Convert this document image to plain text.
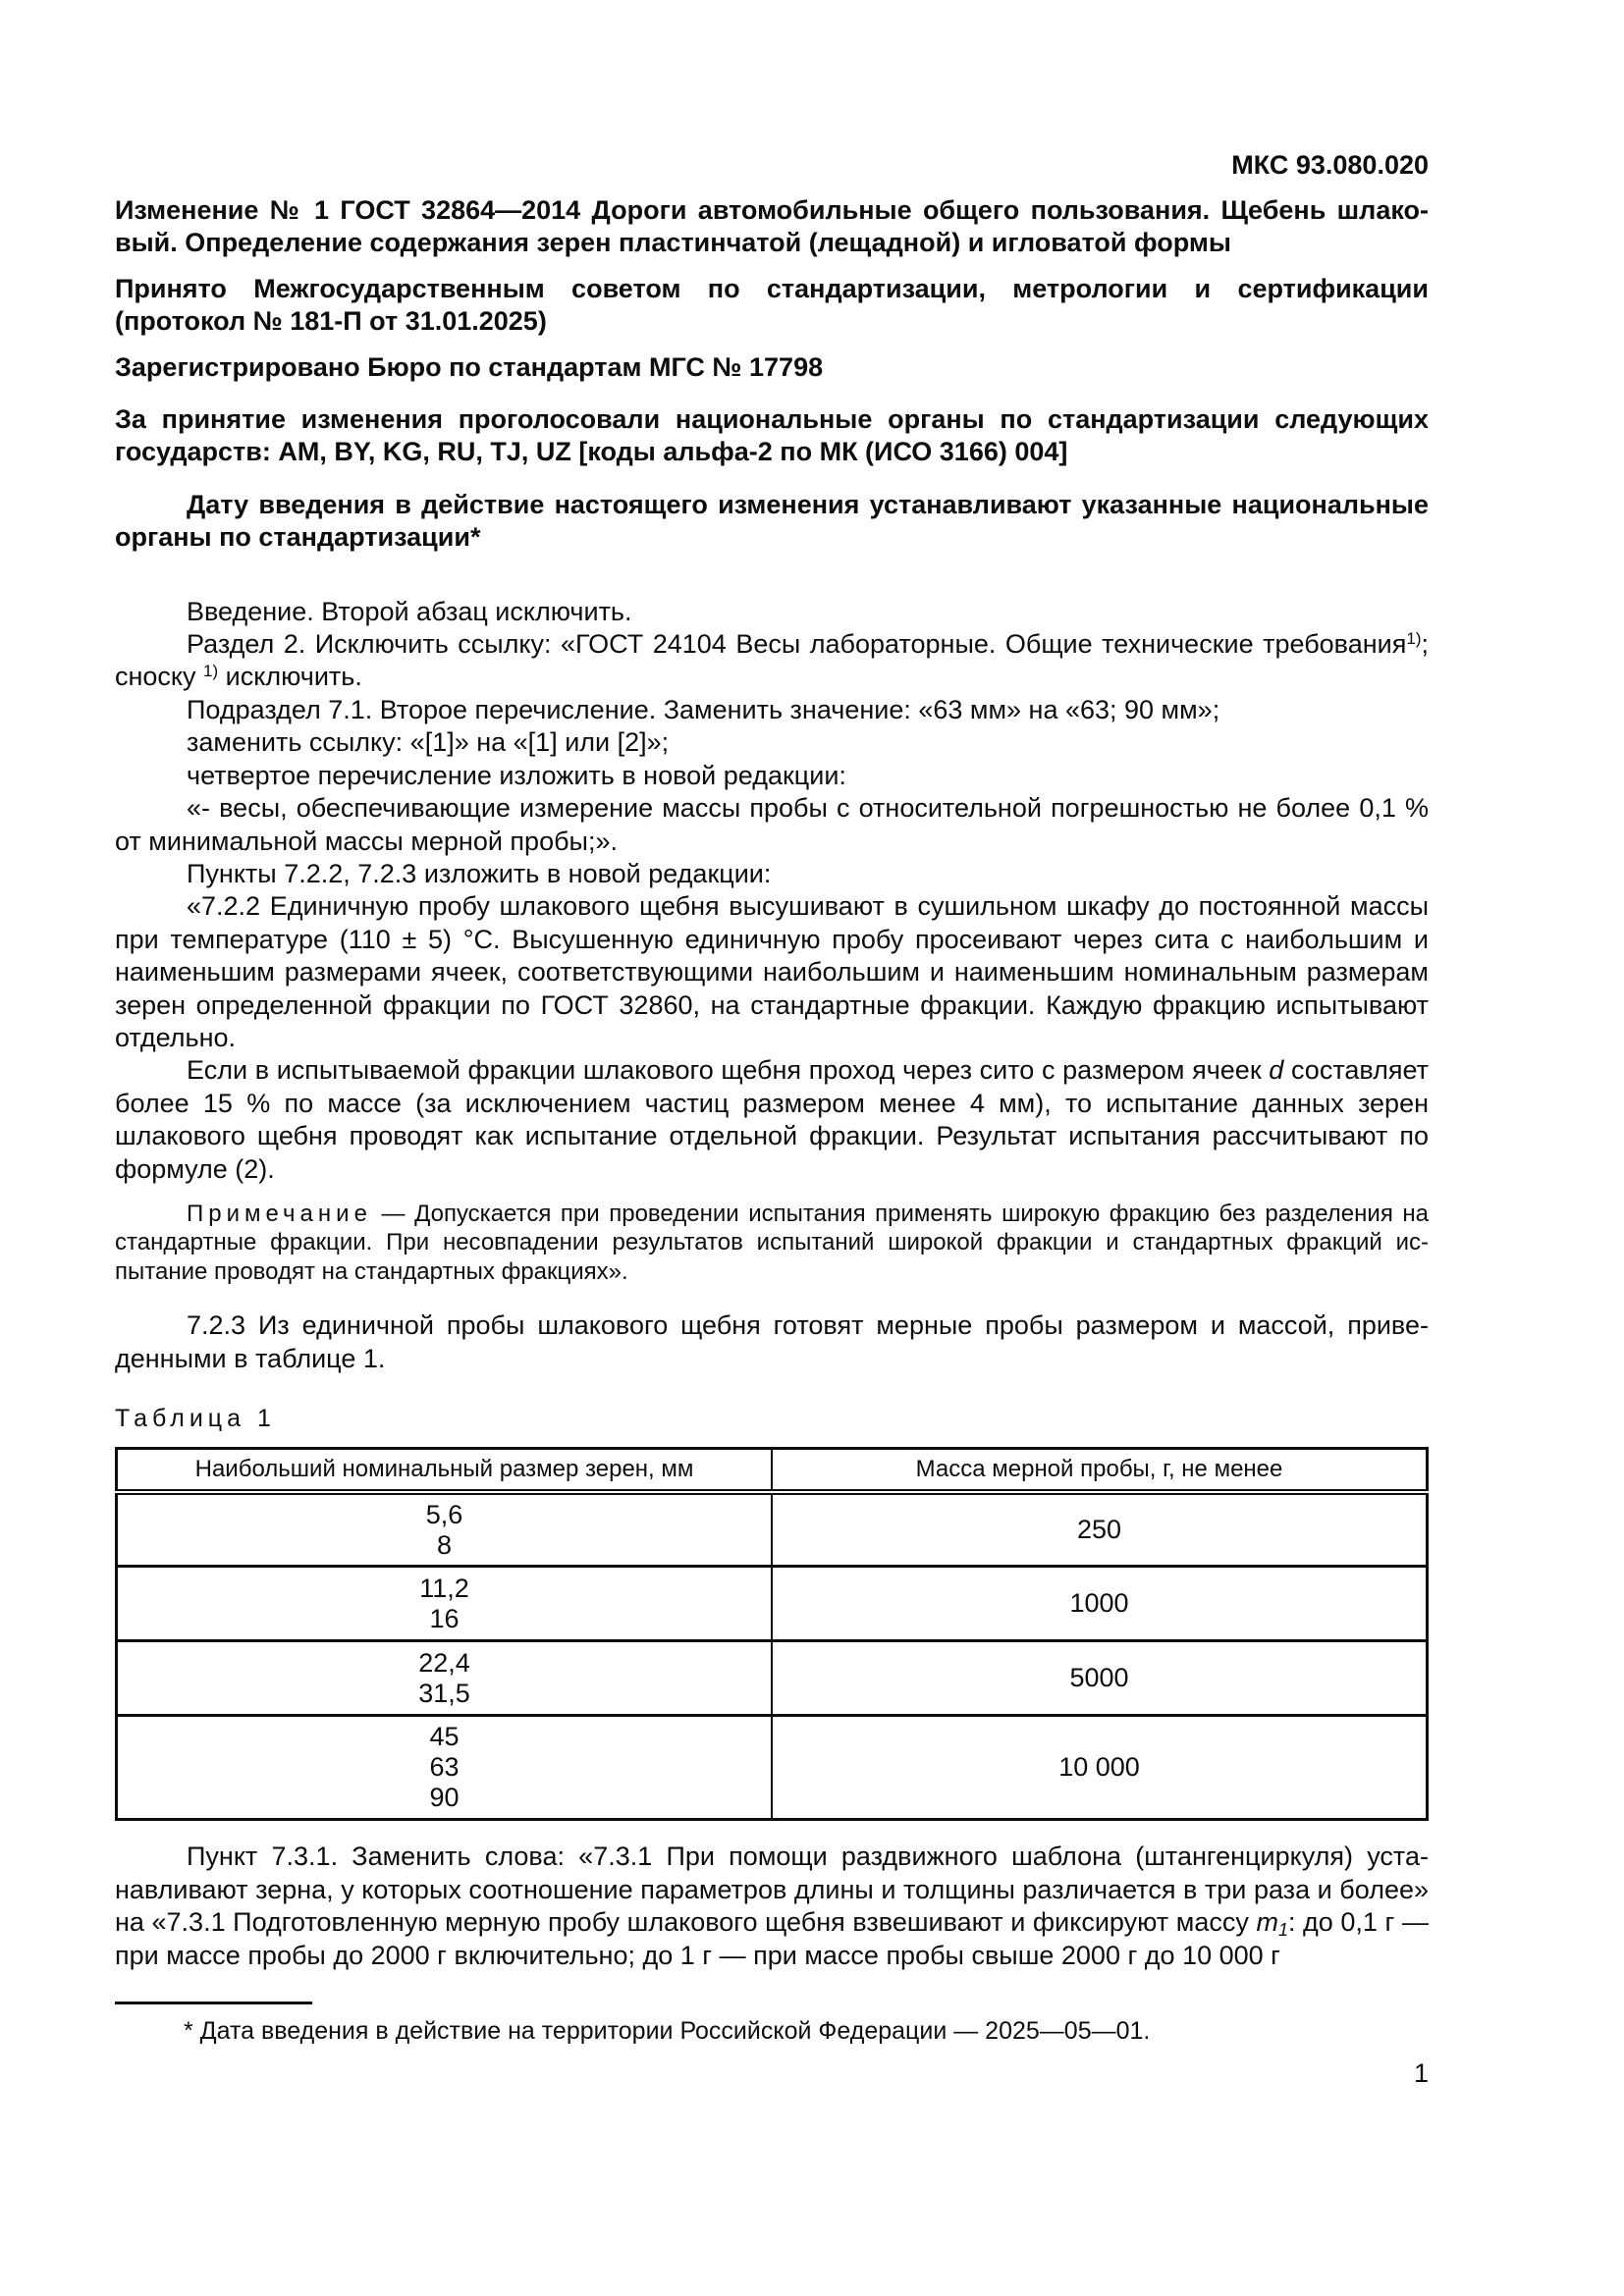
МКС 93.080.020

Изменение № 1 ГОСТ 32864—2014 Дороги автомобильные общего пользования. Щебень шлаковый. Определение содержания зерен пластинчатой (лещадной) и игловатой формы

Принято Межгосударственным советом по стандартизации, метрологии и сертификации (протокол № 181-П от 31.01.2025)

Зарегистрировано Бюро по стандартам МГС № 17798

За принятие изменения проголосовали национальные органы по стандартизации следующих государств: AM, BY, KG, RU, TJ, UZ [коды альфа-2 по МК (ИСО 3166) 004]

Дату введения в действие настоящего изменения устанавливают указанные национальные органы по стандартизации*

Введение. Второй абзац исключить.

Раздел 2. Исключить ссылку: «ГОСТ 24104 Весы лабораторные. Общие технические требования$^{1)}$; сноску $^{1)}$ исключить.

Подраздел 7.1. Второе перечисление. Заменить значение: «63 мм» на «63; 90 мм»;

заменить ссылку: «[1]» на «[1] или [2]»;

четвертое перечисление изложить в новой редакции:

«- весы, обеспечивающие измерение массы пробы с относительной погрешностью не более 0,1 % от минимальной массы мерной пробы;».

Пункты 7.2.2, 7.2.3 изложить в новой редакции:

«7.2.2 Единичную пробу шлакового щебня высушивают в сушильном шкафу до постоянной массы при температуре (110 ± 5) °С. Высушенную единичную пробу просеивают через сита с наибольшим и наименьшим размерами ячеек, соответствующими наибольшим и наименьшим номинальным размерам зерен определенной фракции по ГОСТ 32860, на стандартные фракции. Каждую фракцию испытывают отдельно.

Если в испытываемой фракции шлакового щебня проход через сито с размером ячеек d составляет более 15 % по массе (за исключением частиц размером менее 4 мм), то испытание данных зерен шлакового щебня проводят как испытание отдельной фракции. Результат испытания рассчитывают по формуле (2).

Примечание — Допускается при проведении испытания применять широкую фракцию без разделения на стандартные фракции. При несовпадении результатов испытаний широкой фракции и стандартных фракций испытание проводят на стандартных фракциях».

7.2.3 Из единичной пробы шлакового щебня готовят мерные пробы размером и массой, приведенными в таблице 1.

Таблица 1
Наибольший номинальный размер зерен, мм	Масса мерной пробы, г, не менее

5,6
8	250

11,2
16	1000

22,4
31,5	5000

45
63
90	10 000

Пункт 7.3.1. Заменить слова: «7.3.1 При помощи раздвижного шаблона (штангенциркуля) устанавливают зерна, у которых соотношение параметров длины и толщины различается в три раза и более» на «7.3.1 Подготовленную мерную пробу шлакового щебня взвешивают и фиксируют массу m1: до 0,1 г — при массе пробы до 2000 г включительно; до 1 г — при массе пробы свыше 2000 г до 10 000 г

* Дата введения в действие на территории Российской Федерации — 2025—05—01.

1
